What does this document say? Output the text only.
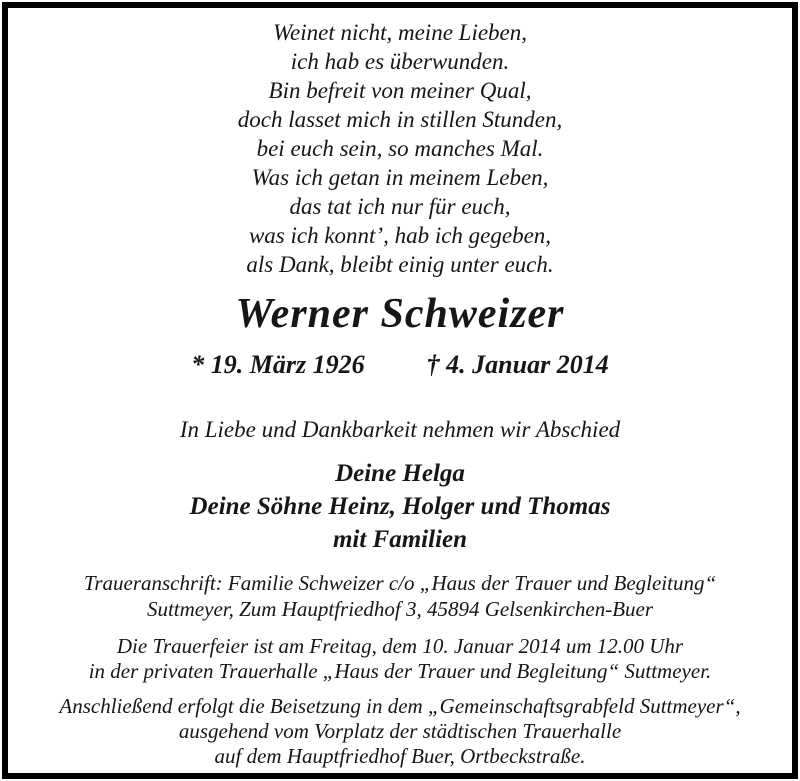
Weinet nicht, meine Lieben,
ich hab es überwunden.
Bin befreit von meiner Qual,
doch lasset mich in stillen Stunden,
bei euch sein, so manches Mal.
Was ich getan in meinem Leben,
das tat ich nur für euch,
was ich konnt’, hab ich gegeben,
als Dank, bleibt einig unter euch.
Werner Schweizer
* 19. März 1926 † 4. Januar 2014
In Liebe und Dankbarkeit nehmen wir Abschied
Deine Helga
Deine Söhne Heinz, Holger und Thomas
mit Familien
Traueranschrift: Familie Schweizer c/o „Haus der Trauer und Begleitung“
Suttmeyer, Zum Hauptfriedhof 3, 45894 Gelsenkirchen-Buer
Die Trauerfeier ist am Freitag, dem 10. Januar 2014 um 12.00 Uhr
in der privaten Trauerhalle „Haus der Trauer und Begleitung“ Suttmeyer.
Anschließend erfolgt die Beisetzung in dem „Gemeinschaftsgrabfeld Suttmeyer“,
ausgehend vom Vorplatz der städtischen Trauerhalle
auf dem Hauptfriedhof Buer, Ortbeckstraße.
